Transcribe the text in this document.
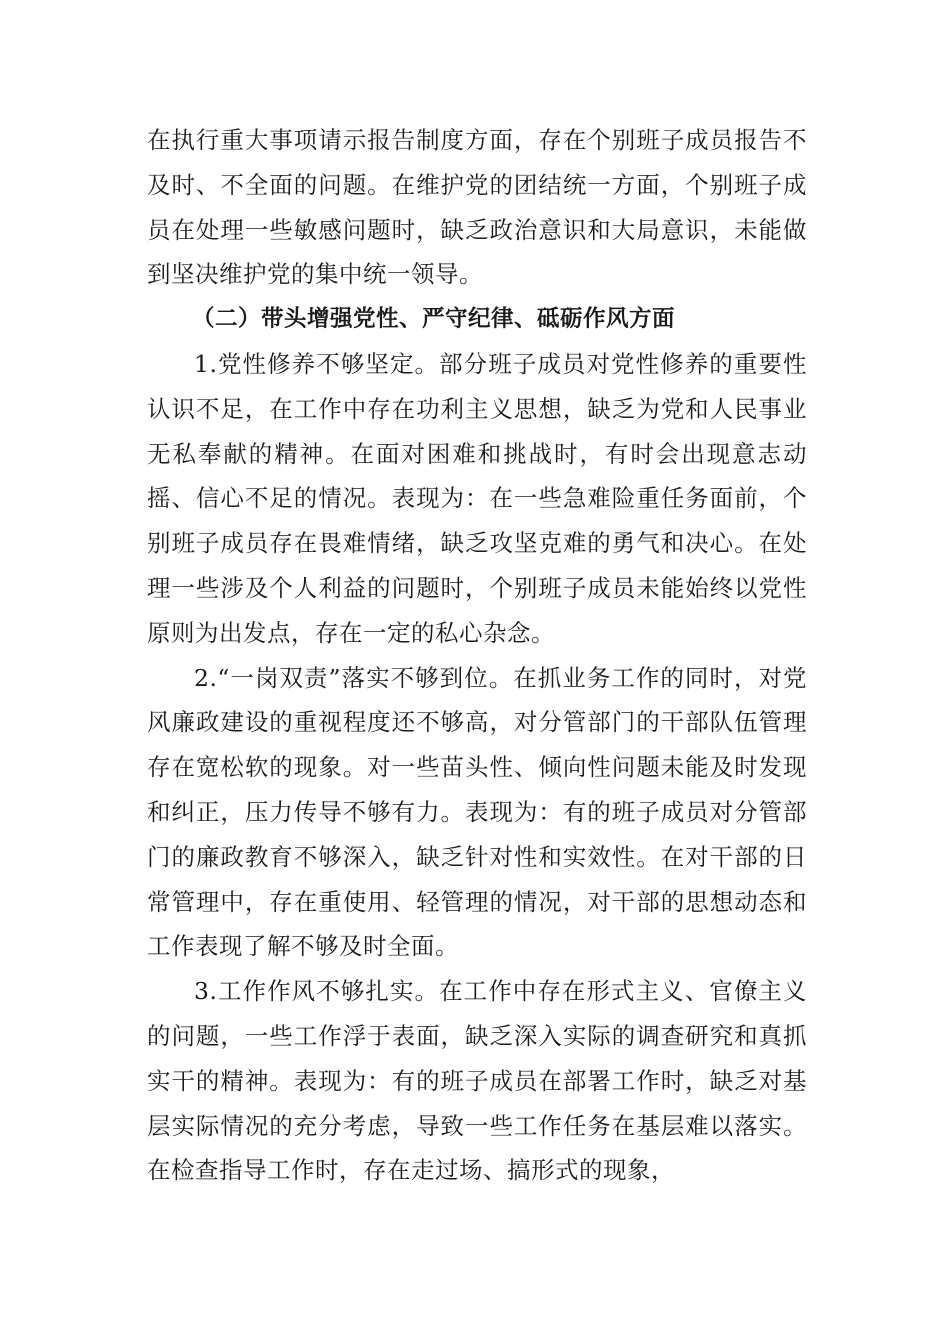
在执行重大事项请示报告制度方面，存在个别班子成员报告不及时、不全面的问题。在维护党的团结统一方面，个别班子成员在处理一些敏感问题时，缺乏政治意识和大局意识，未能做到坚决维护党的集中统一领导。

（二）带头增强党性、严守纪律、砥砺作风方面

1.党性修养不够坚定。部分班子成员对党性修养的重要性认识不足，在工作中存在功利主义思想，缺乏为党和人民事业无私奉献的精神。在面对困难和挑战时，有时会出现意志动摇、信心不足的情况。表现为：在一些急难险重任务面前，个别班子成员存在畏难情绪，缺乏攻坚克难的勇气和决心。在处理一些涉及个人利益的问题时，个别班子成员未能始终以党性原则为出发点，存在一定的私心杂念。

2.“一岗双责”落实不够到位。在抓业务工作的同时，对党风廉政建设的重视程度还不够高，对分管部门的干部队伍管理存在宽松软的现象。对一些苗头性、倾向性问题未能及时发现和纠正，压力传导不够有力。表现为：有的班子成员对分管部门的廉政教育不够深入，缺乏针对性和实效性。在对干部的日常管理中，存在重使用、轻管理的情况，对干部的思想动态和工作表现了解不够及时全面。

3.工作作风不够扎实。在工作中存在形式主义、官僚主义的问题，一些工作浮于表面，缺乏深入实际的调查研究和真抓实干的精神。表现为：有的班子成员在部署工作时，缺乏对基层实际情况的充分考虑，导致一些工作任务在基层难以落实。在检查指导工作时，存在走过场、搞形式的现象，
